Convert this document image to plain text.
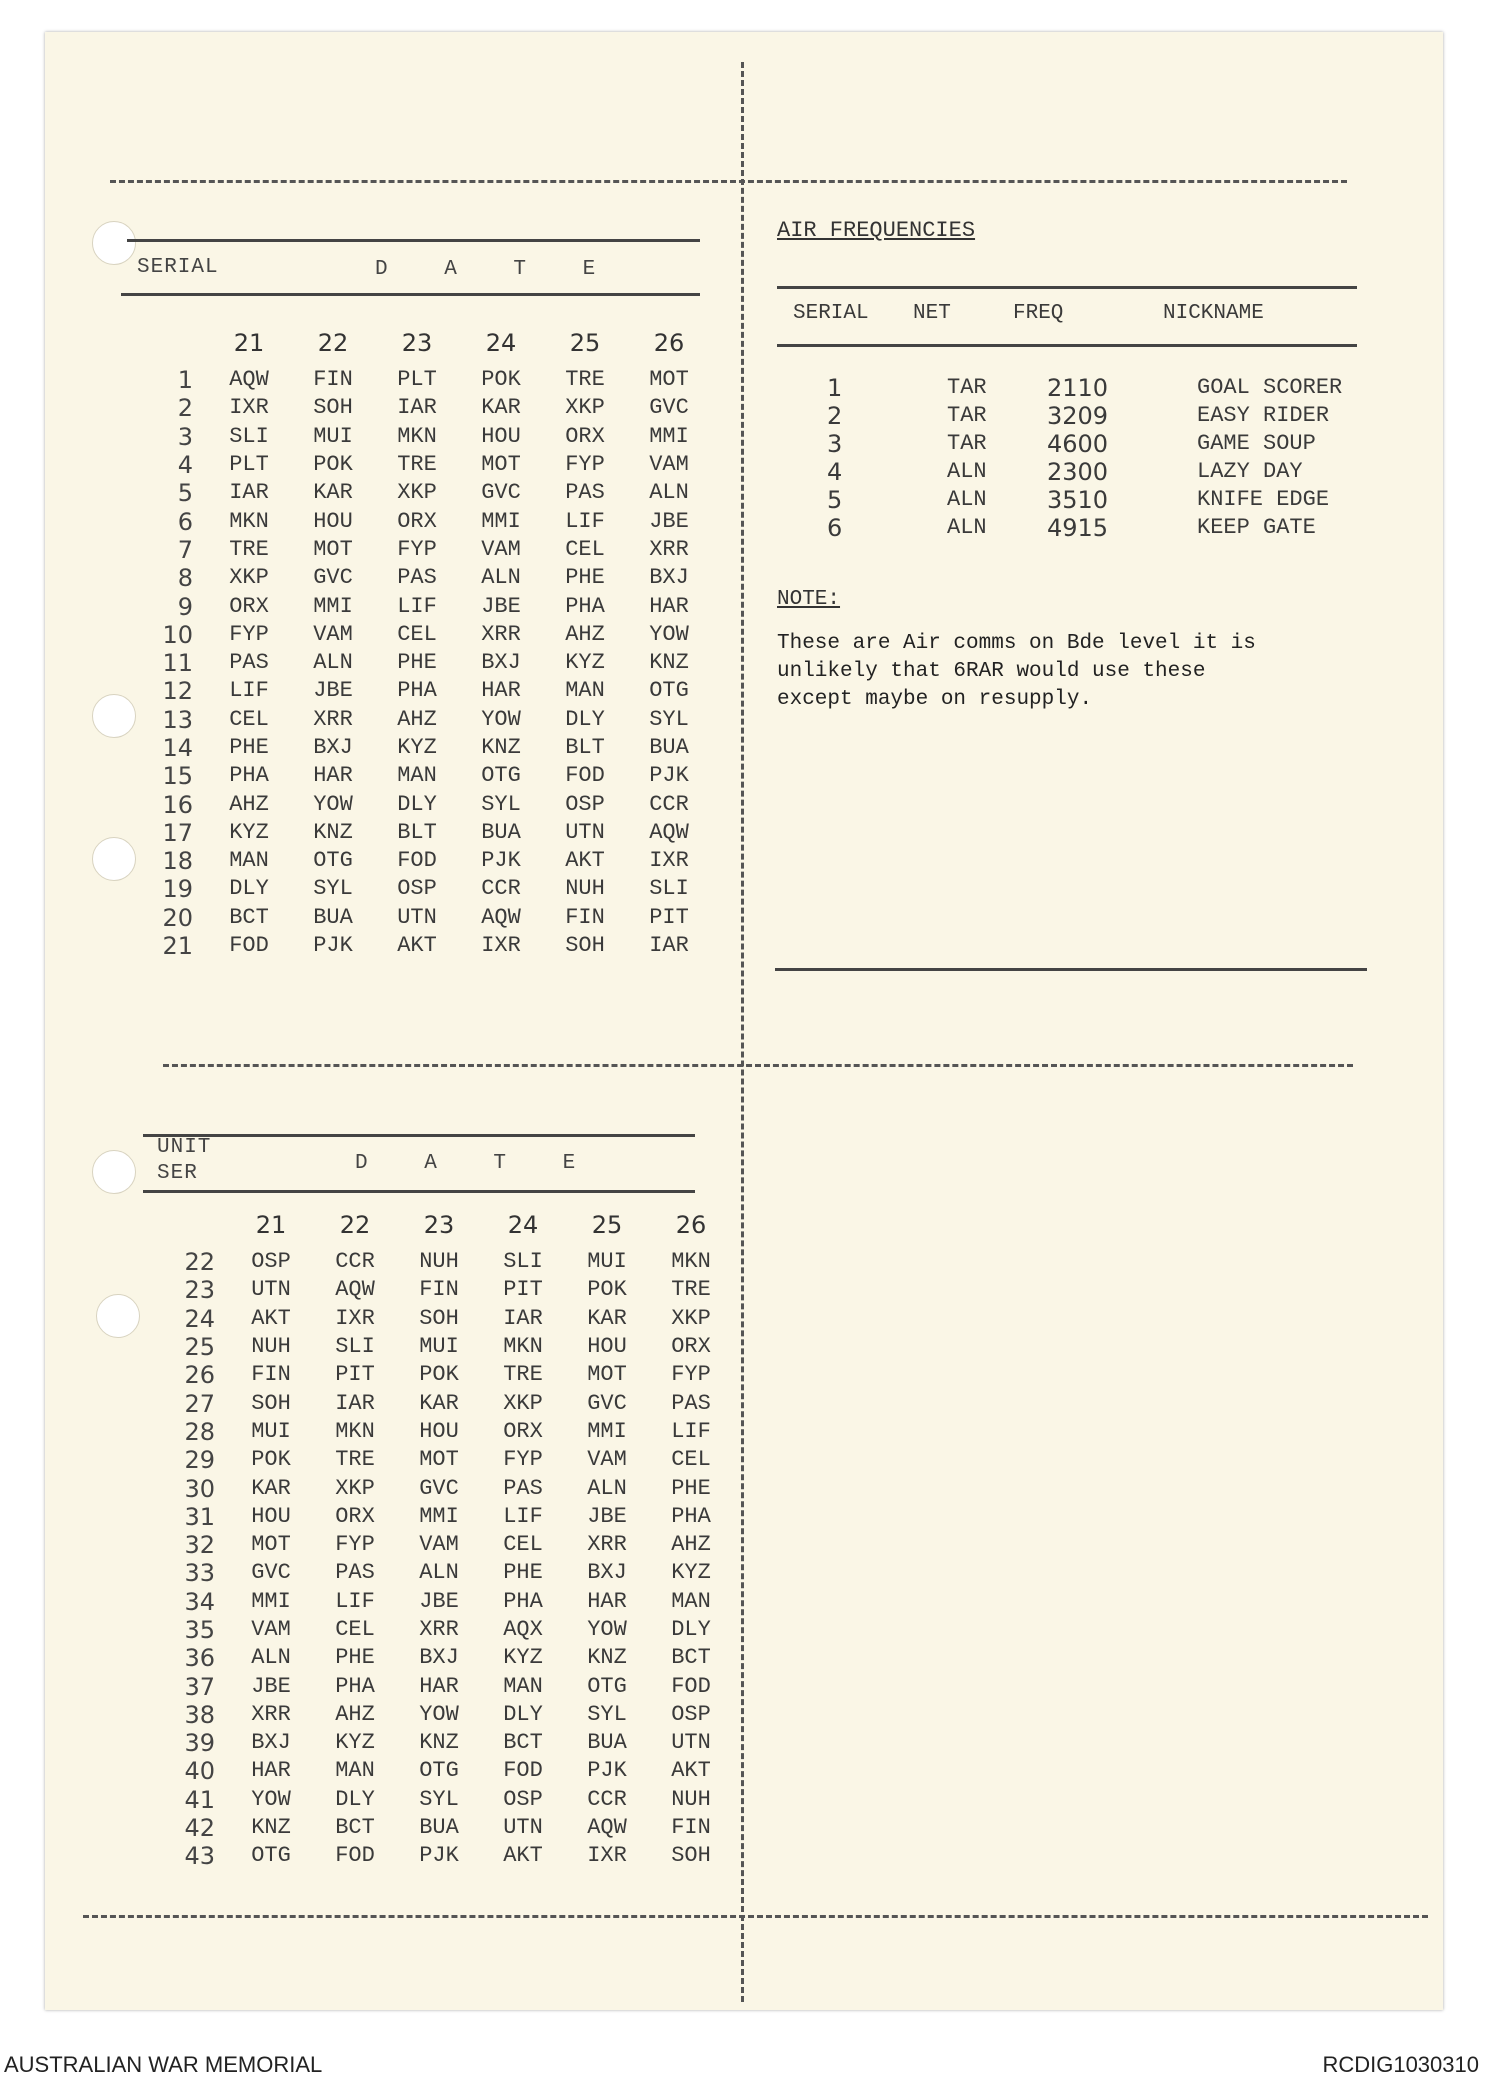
SERIAL	D A T E
	21	22	23	24	25	26
1	AQW	FIN	PLT	POK	TRE	MOT
2	IXR	SOH	IAR	KAR	XKP	GVC
3	SLI	MUI	MKN	HOU	ORX	MMI
4	PLT	POK	TRE	MOT	FYP	VAM
5	IAR	KAR	XKP	GVC	PAS	ALN
6	MKN	HOU	ORX	MMI	LIF	JBE
7	TRE	MOT	FYP	VAM	CEL	XRR
8	XKP	GVC	PAS	ALN	PHE	BXJ
9	ORX	MMI	LIF	JBE	PHA	HAR
10	FYP	VAM	CEL	XRR	AHZ	YOW
11	PAS	ALN	PHE	BXJ	KYZ	KNZ
12	LIF	JBE	PHA	HAR	MAN	OTG
13	CEL	XRR	AHZ	YOW	DLY	SYL
14	PHE	BXJ	KYZ	KNZ	BLT	BUA
15	PHA	HAR	MAN	OTG	FOD	PJK
16	AHZ	YOW	DLY	SYL	OSP	CCR
17	KYZ	KNZ	BLT	BUA	UTN	AQW
18	MAN	OTG	FOD	PJK	AKT	IXR
19	DLY	SYL	OSP	CCR	NUH	SLI
20	BCT	BUA	UTN	AQW	FIN	PIT
21	FOD	PJK	AKT	IXR	SOH	IAR
UNIT
SER	D A T E
	21	22	23	24	25	26
22	OSP	CCR	NUH	SLI	MUI	MKN
23	UTN	AQW	FIN	PIT	POK	TRE
24	AKT	IXR	SOH	IAR	KAR	XKP
25	NUH	SLI	MUI	MKN	HOU	ORX
26	FIN	PIT	POK	TRE	MOT	FYP
27	SOH	IAR	KAR	XKP	GVC	PAS
28	MUI	MKN	HOU	ORX	MMI	LIF
29	POK	TRE	MOT	FYP	VAM	CEL
30	KAR	XKP	GVC	PAS	ALN	PHE
31	HOU	ORX	MMI	LIF	JBE	PHA
32	MOT	FYP	VAM	CEL	XRR	AHZ
33	GVC	PAS	ALN	PHE	BXJ	KYZ
34	MMI	LIF	JBE	PHA	HAR	MAN
35	VAM	CEL	XRR	AQX	YOW	DLY
36	ALN	PHE	BXJ	KYZ	KNZ	BCT
37	JBE	PHA	HAR	MAN	OTG	FOD
38	XRR	AHZ	YOW	DLY	SYL	OSP
39	BXJ	KYZ	KNZ	BCT	BUA	UTN
40	HAR	MAN	OTG	FOD	PJK	AKT
41	YOW	DLY	SYL	OSP	CCR	NUH
42	KNZ	BCT	BUA	UTN	AQW	FIN
43	OTG	FOD	PJK	AKT	IXR	SOH
AIR FREQUENCIES
SERIAL	NET	FREQ	NICKNAME
1	TAR	2110	GOAL SCORER
2	TAR	3209	EASY RIDER
3	TAR	4600	GAME SOUP
4	ALN	2300	LAZY DAY
5	ALN	3510	KNIFE EDGE
6	ALN	4915	KEEP GATE
NOTE:
These are Air comms on Bde level it is
unlikely that 6RAR would use these
except maybe on resupply.
AUSTRALIAN WAR MEMORIAL	RCDIG1030310
